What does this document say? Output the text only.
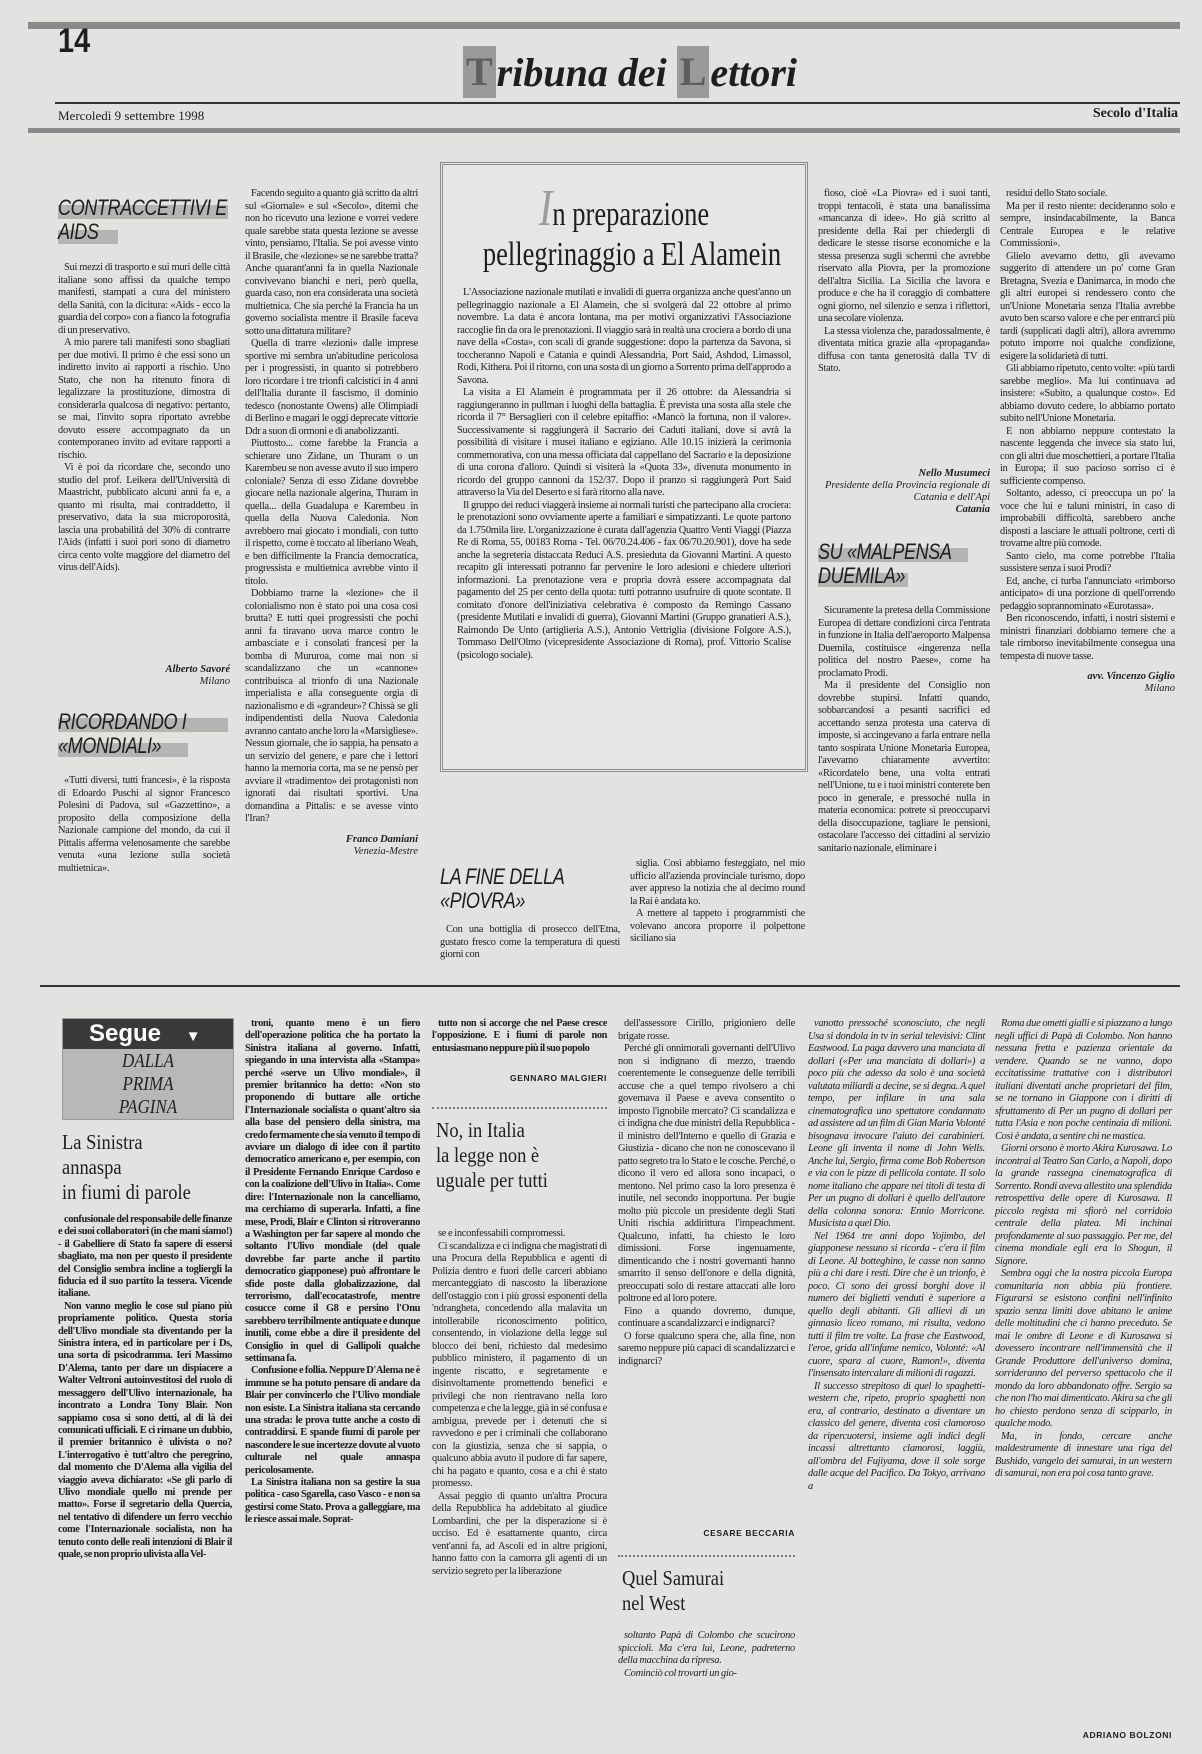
14
T ribuna dei L ettori
Mercoledì 9 settembre 1998	Secolo d'Italia
CONTRACCETTIVI E AIDS

Sui mezzi di trasporto e sui muri delle città italiane sono affissi da qualche tempo manifesti, stampati a cura del ministero della Sanità, con la dicitura: «Aids - ecco la guardia del corpo» con a fianco la fotografia di un preservativo.

A mio parere tali manifesti sono sbagliati per due motivi. Il primo è che essi sono un indiretto invito ai rapporti a rischio. Uno Stato, che non ha ritenuto finora di legalizzare la prostituzione, dimostra di considerarla qualcosa di negativo: pertanto, se mai, l'invito sopra riportato avrebbe dovuto essere accompagnato da un contemporaneo invito ad evitare rapporti a rischio.

Vi è poi da ricordare che, secondo uno studio del prof. Leikera dell'Università di Maastricht, pubblicato alcuni anni fa e, a quanto mi risulta, mai contraddetto, il preservativo, data la sua microporosità, lascia una probabilità del 30% di contrarre l'Aids (infatti i suoi pori sono di diametro circa cento volte maggiore del diametro del virus dell'Aids).

Alberto Savoré
Milano
RICORDANDO I «MONDIALI»

«Tutti diversi, tutti francesi», è la risposta di Edoardo Puschi al signor Francesco Polesini di Padova, sul «Gazzettino», a proposito della composizione della Nazionale campione del mondo, da cui il Pittalis afferma velenosamente che sarebbe venuta «una lezione sulla società multietnica».

Facendo seguito a quanto già scritto da altri sul «Giornale» e sul «Secolo», ditemi che non ho ricevuto una lezione e vorrei vedere quale sarebbe stata questa lezione se avesse vinto, pensiamo, l'Italia. Se poi avesse vinto il Brasile, che «lezione» se ne sarebbe tratta? Anche quarant'anni fa in quella Nazionale convivevano bianchi e neri, però quella, guarda caso, non era considerata una società multietnica. Che sia perché la Francia ha un governo socialista mentre il Brasile faceva sotto una dittatura militare?

Quella di trarre «lezioni» dalle imprese sportive mi sembra un'abitudine pericolosa per i progressisti, in quanto si potrebbero loro ricordare i tre trionfi calcistici in 4 anni dell'Italia durante il fascismo, il dominio tedesco (nonostante Owens) alle Olimpiadi di Berlino e magari le oggi deprecate vittorie Ddr a suon di ormoni e di anabolizzanti.

Piuttosto... come farebbe la Francia a schierare uno Zidane, un Thuram o un Karembeu se non avesse avuto il suo impero coloniale? Senza di esso Zidane dovrebbe giocare nella nazionale algerina, Thuram in quella... della Guadalupa e Karembeu in quella della Nuova Caledonia. Non avrebbero mai giocato i mondiali, con tutto il rispetto, come è toccato al liberiano Weah, e ben difficilmente la Francia democratica, progressista e multietnica avrebbe vinto il titolo.

Dobbiamo trarne la «lezione» che il colonialismo non è stato poi una cosa così brutta? E tutti quei progressisti che pochi anni fa tiravano uova marce contro le ambasciate e i consolati francesi per la bomba di Mururoa, come mai non si scandalizzano che un «cannone» contribuisca al trionfo di una Nazionale imperialista e alla conseguente orgia di nazionalismo e di «grandeur»? Chissà se gli indipendentisti della Nuova Caledonia avranno cantato anche loro la «Marsigliese». Nessun giornale, che io sappia, ha pensato a un servizio del genere, e pare che i lettori hanno la memoria corta, ma se ne pensò per avviare il «tradimento» dei protagonisti non ignorati dai risultati sportivi. Una domandina a Pittalis: e se avesse vinto l'Iran?

Franco Damiani
Venezia-Mestre
In preparazione
pellegrinaggio a El Alamein

L'Associazione nazionale mutilati e invalidi di guerra organizza anche quest'anno un pellegrinaggio nazionale a El Alamein, che si svolgerà dal 22 ottobre al primo novembre. La data è ancora lontana, ma per motivi organizzativi l'Associazione raccoglie fin da ora le prenotazioni. Il viaggio sarà in realtà una crociera a bordo di una nave della «Costa», con scali di grande suggestione: dopo la partenza da Savona, si toccheranno Napoli e Catania e quindi Alessandria, Port Said, Ashdod, Limassol, Rodi, Kithera. Poi il ritorno, con una sosta di un giorno a Sorrento prima dell'approdo a Savona.

La visita a El Alamein è programmata per il 26 ottobre: da Alessandria si raggiungeranno in pullman i luoghi della battaglia. È prevista una sosta alla stele che ricorda il 7° Bersaglieri con il celebre epitaffio: «Mancò la fortuna, non il valore». Successivamente si raggiungerà il Sacrario dei Caduti italiani, dove si avrà la possibilità di visitare i musei italiano e egiziano. Alle 10.15 inizierà la cerimonia commemorativa, con una messa officiata dal cappellano del Sacrario e la deposizione di una corona d'alloro. Quindi si visiterà la «Quota 33», divenuta monumento in ricordo del gruppo cannoni da 152/37. Dopo il pranzo si raggiungerà Port Said attraverso la Via del Deserto e si farà ritorno alla nave.

Il gruppo dei reduci viaggerà insieme ai normali turisti che partecipano alla crociera: le prenotazioni sono ovviamente aperte a familiari e simpatizzanti. Le quote partono da 1.750mila lire. L'organizzazione è curata dall'agenzia Quattro Venti Viaggi (Piazza Re di Roma, 55, 00183 Roma - Tel. 06/70.24.406 - fax 06/70.20.901), dove ha sede anche la segreteria distaccata Reduci A.S. presieduta da Giovanni Martini. A questo recapito gli interessati potranno far pervenire le loro adesioni e chiedere ulteriori informazioni. La prenotazione vera e propria dovrà essere accompagnata dal pagamento del 25 per cento della quota: tutti potranno usufruire di quote scontate. Il comitato d'onore dell'iniziativa celebrativa è composto da Remingo Cassano (presidente Mutilati e invalidi di guerra), Giovanni Martini (Gruppo granatieri A.S.), Raimondo De Unto (artiglieria A.S.), Antonio Vettriglia (divisione Folgore A.S.), Tommaso Dell'Olmo (vicepresidente Associazione di Roma), prof. Vittorio Scalise (psicologo sociale).

LA FINE DELLA «PIOVRA»

Con una bottiglia di prosecco dell'Etna, gustato fresco come la temperatura di questi giorni con

siglia. Così abbiamo festeggiato, nel mio ufficio all'azienda provinciale turismo, dopo aver appreso la notizia che al decimo round la Rai è andata ko.

A mettere al tappeto i programmisti che volevano ancora proporre il polpettone siciliano sia

fioso, cioè «La Piovra» ed i suoi tanti, troppi tentacoli, è stata una banalissima «mancanza di idee». Ho già scritto al presidente della Rai per chiedergli di dedicare le stesse risorse economiche e la stessa presenza sugli schermi che avrebbe riservato alla Piovra, per la promozione dell'altra Sicilia. La Sicilia che lavora e produce e che ha il coraggio di combattere ogni giorno, nel silenzio e senza i riflettori, una secolare violenza.

La stessa violenza che, paradossalmente, è diventata mitica grazie alla «propaganda» diffusa con tanta generosità dalla TV di Stato.

Nello Musumeci
Presidente della Provincia regionale di Catania e dell'Api
Catania
SU «MALPENSA DUEMILA»

Sicuramente la pretesa della Commissione Europea di dettare condizioni circa l'entrata in funzione in Italia dell'aeroporto Malpensa Duemila, costituisce «ingerenza nella politica del nostro Paese», come ha proclamato Prodi.

Ma il presidente del Consiglio non dovrebbe stupirsi. Infatti quando, sobbarcandosi a pesanti sacrifici ed accettando senza protesta una caterva di imposte, si accingevano a farla entrare nella tanto sospirata Unione Monetaria Europea, l'avevamo chiaramente avvertito: «Ricordatelo bene, una volta entrati nell'Unione, tu e i tuoi ministri conterete ben poco in generale, e pressoché nulla in materia economica: potrete sì preoccuparvi della disoccupazione, tagliare le pensioni, ostacolare l'accesso dei cittadini al servizio sanitario nazionale, eliminare i

residui dello Stato sociale.

Ma per il resto niente: decideranno solo e sempre, insindacabilmente, la Banca Centrale Europea e le relative Commissioni».

Glielo avevamo detto, gli avevamo suggerito di attendere un po' come Gran Bretagna, Svezia e Danimarca, in modo che gli altri europei si rendessero conto che un'Unione Monetaria senza l'Italia avrebbe avuto ben scarso valore e che per entrarci più tardi (supplicati dagli altri), allora avremmo potuto imporre noi qualche condizione, esigere la solidarietà di tutti.

Gli abbiamo ripetuto, cento volte: «più tardi sarebbe meglio». Ma lui continuava ad insistere: «Subito, a qualunque costo». Ed abbiamo dovuto cedere, lo abbiamo portato subito nell'Unione Monetaria.

E non abbiamo neppure contestato la nascente leggenda che invece sia stato lui, con gli altri due moschettieri, a portare l'Italia in Europa; il suo pacioso sorriso ci è sufficiente compenso.

Soltanto, adesso, ci preoccupa un po' la voce che lui e taluni ministri, in caso di improbabili difficoltà, sarebbero anche disposti a lasciare le attuali poltrone, certi di trovarne altre più comode.

Santo cielo, ma come potrebbe l'Italia sussistere senza i suoi Prodi?

Ed, anche, ci turba l'annunciato «rimborso anticipato» di una porzione di quell'orrendo pedaggio soprannominato «Eurotassa».

Ben riconoscendo, infatti, i nostri sistemi e ministri finanziari dobbiamo temere che a tale rimborso inevitabilmente consegua una tempesta di nuove tasse.

avv. Vincenzo Giglio
Milano
Segue ▼
DALLA
PRIMA
PAGINA
La Sinistra
annaspa
in fiumi di parole

confusionale del responsabile delle finanze e dei suoi collaboratori (in che mani siamo!) - il Gabelliere di Stato fa sapere di essersi sbagliato, ma non per questo il presidente del Consiglio sembra incline a togliergli la fiducia ed il suo partito la tessera. Vicende italiane.

Non vanno meglio le cose sul piano più propriamente politico. Questa storia dell'Ulivo mondiale sta diventando per la Sinistra intera, ed in particolare per i Ds, una sorta di psicodramma. Ieri Massimo D'Alema, tanto per dare un dispiacere a Walter Veltroni autoinvestitosi del ruolo di messaggero dell'Ulivo internazionale, ha incontrato a Londra Tony Blair. Non sappiamo cosa si sono detti, al di là dei comunicati ufficiali. E ci rimane un dubbio, il premier britannico è ulivista o no? L'interrogativo è tutt'altro che peregrino, dal momento che D'Alema alla vigilia del viaggio aveva dichiarato: «Se gli parlo di Ulivo mondiale quello mi prende per matto». Forse il segretario della Quercia, nel tentativo di difendere un ferro vecchio come l'Internazionale socialista, non ha tenuto conto delle reali intenzioni di Blair il quale, se non proprio ulivista alla Vel-

troni, quanto meno è un fiero dell'operazione politica che ha portato la Sinistra italiana al governo. Infatti, spiegando in una intervista alla «Stampa» perché «serve un Ulivo mondiale», il premier britannico ha detto: «Non sto proponendo di buttare alle ortiche l'Internazionale socialista o quant'altro sia alla base del pensiero della sinistra, ma credo fermamente che sia venuto il tempo di avviare un dialogo di idee con il partito democratico americano e, per esempio, con il Presidente Fernando Enrique Cardoso e con la coalizione dell'Ulivo in Italia». Come dire: l'Internazionale non la cancelliamo, ma cerchiamo di superarla. Infatti, a fine mese, Prodi, Blair e Clinton si ritroveranno a Washington per far sapere al mondo che soltanto l'Ulivo mondiale (del quale dovrebbe far parte anche il partito democratico giapponese) può affrontare le sfide poste dalla globalizzazione, dal terrorismo, dall'ecocatastrofe, mentre cosucce come il G8 e persino l'Onu sarebbero terribilmente antiquate e dunque inutili, come ebbe a dire il presidente del Consiglio in quel di Gallipoli qualche settimana fa.

Confusione e follia. Neppure D'Alema ne è immune se ha potuto pensare di andare da Blair per convincerlo che l'Ulivo mondiale non esiste. La Sinistra italiana sta cercando una strada: le prova tutte anche a costo di contraddirsi. E spande fiumi di parole per nascondere le sue incertezze dovute al vuoto culturale nel quale annaspa pericolosamente.

La Sinistra italiana non sa gestire la sua politica - caso Sgarella, caso Vasco - e non sa gestirsi come Stato. Prova a galleggiare, ma le riesce assai male. Soprat-

tutto non si accorge che nel Paese cresce l'opposizione. E i fiumi di parole non entusiasmano neppure più il suo popolo

GENNARO MALGIERI
No, in Italia
la legge non è
uguale per tutti

se e inconfessabili compromessi.

Ci scandalizza e ci indigna che magistrati di una Procura della Repubblica e agenti di Polizia dentro e fuori delle carceri abbiano mercanteggiato di nascosto la liberazione dell'ostaggio con i più grossi esponenti della 'ndrangheta, concedendo alla malavita un intollerabile riconoscimento politico, consentendo, in violazione della legge sul blocco dei beni, richiesto dal medesimo pubblico ministero, il pagamento di un ingente riscatto, e segretamente e disinvoltamente promettendo benefici e privilegi che non rientravano nella loro competenza e che la legge, già in sé confusa e ambigua, prevede per i detenuti che si ravvedono e per i criminali che collaborano con la giustizia, senza che si sappia, o qualcuno abbia avuto il pudore di far sapere, chi ha pagato e quanto, cosa e a chi è stato promesso.

Assai peggio di quanto un'altra Procura della Repubblica ha addebitato al giudice Lombardini, che per la disperazione si è ucciso. Ed è esattamente quanto, circa vent'anni fa, ad Ascoli ed in altre prigioni, hanno fatto con la camorra gli agenti di un servizio segreto per la liberazione

dell'assessore Cirillo, prigioniero delle brigate rosse.

Perché gli onnimorali governanti dell'Ulivo non si indignano di mezzo, traendo coerentemente le conseguenze delle terribili accuse che a quel tempo rivolsero a chi governava il Paese e aveva consentito o imposto l'ignobile mercato? Ci scandalizza e ci indigna che due ministri della Repubblica - il ministro dell'Interno e quello di Grazia e Giustizia - dicano che non ne conoscevano il patto segreto tra lo Stato e le cosche. Perché, o dicono il vero ed allora sono incapaci, o mentono. Nel primo caso la loro presenza è inutile, nel secondo inopportuna. Per bugie molto più piccole un presidente degli Stati Uniti rischia addirittura l'impeachment. Qualcuno, infatti, ha chiesto le loro dimissioni. Forse ingenuamente, dimenticando che i nostri governanti hanno smarrito il senso dell'onore e della dignità, preoccupati solo di restare attaccati alle loro poltrone ed al loro potere.

Fino a quando dovremo, dunque, continuare a scandalizzarci e indignarci?

O forse qualcuno spera che, alla fine, non saremo neppure più capaci di scandalizzarci e indignarci?

CESARE BECCARIA
Quel Samurai
nel West

soltanto Papà di Colombo che scucirono spiccioli. Ma c'era lui, Leone, padreterno della macchina da ripresa.

Cominciò col trovarti un gio-

vanotto pressoché sconosciuto, che negli Usa si dondola in tv in serial televisivi: Clint Eastwood. La paga davvero una manciata di dollari («Per una manciata di dollari») a poco più che adesso da solo è una società valutata miliardi a decine, se si degna. A quel tempo, per infilare in una sala cinematografica uno spettatore condannato ad assistere ad un film di Gian Maria Volonté bisognava invocare l'aiuto dei carabinieri. Leone gli inventa il nome di John Wells. Anche lui, Sergio, firma come Bob Robertson e via con le pizze di pellicola contate. Il solo nome italiano che appare nei titoli di testa di Per un pugno di dollari è quello dell'autore della colonna sonora: Ennio Morricone. Musicista a quel Dio.

Nel 1964 tre anni dopo Yojimbo, del giapponese nessuno si ricorda - c'era il film di Leone. Al botteghino, le casse non sanno più a chi dare i resti. Dire che è un trionfo, è poco. Ci sono dei grossi borghi dove il numero dei biglietti venduti è superiore a quello degli abitanti. Gli allievi di un ginnasio liceo romano, mi risulta, vedono tutti il film tre volte. La frase che Eastwood, l'eroe, grida all'infame nemico, Volonté: «Al cuore, spara al cuore, Ramon!», diventa l'insensato intercalare di milioni di ragazzi.

Il successo strepitoso di quel lo spaghetti-western che, ripeto, proprio spaghetti non era, al contrario, destinato a diventare un classico del genere, diventa così clamoroso da ripercuotersi, insieme agli indici degli incassi altrettanto clamorosi, laggiù, all'ombra del Fujiyama, dove il sole sorge dalle acque del Pacifico. Da Tokyo, arrivano a

Roma due ometti gialli e si piazzano a lungo negli uffici di Papà di Colombo. Non hanno nessuna fretta e pazienza orientale da vendere. Quando se ne vanno, dopo eccitatissime trattative con i distributori italiani diventati anche proprietari del film, se ne tornano in Giappone con i diritti di sfruttamento di Per un pugno di dollari per tutta l'Asia e non poche centinaia di milioni. Così è andata, a sentire chi ne mastica.

Giorni orsono è morto Akira Kurosawa. Lo incontrai al Teatro San Carlo, a Napoli, dopo la grande rassegna cinematografica di Sorrento. Rondi aveva allestito una splendida retrospettiva delle opere di Kurosawa. Il piccolo regista mi sfiorò nel corridoio centrale della platea. Mi inchinai profondamente al suo passaggio. Per me, del cinema mondiale egli era lo Shogun, il Signore.

Sembra oggi che la nostra piccola Europa comunitaria non abbia più frontiere. Figurarsi se esistono confini nell'infinito spazio senza limiti dove abitano le anime delle moltitudini che ci hanno preceduto. Se mai le ombre di Leone e di Kurosawa si dovessero incontrare nell'immensità che il Grande Produttore dell'universo domina, sorrideranno del perverso spettacolo che il mondo da loro abbandonato offre. Sergio sa che non l'ho mai dimenticato. Akira sa che gli ho chiesto perdono senza di scipparlo, in qualche modo.

Ma, in fondo, cercare anche maldestramente di innestare una riga del Bushido, vangelo dei samurai, in un western di samurai, non era poi cosa tanto grave.

ADRIANO BOLZONI
